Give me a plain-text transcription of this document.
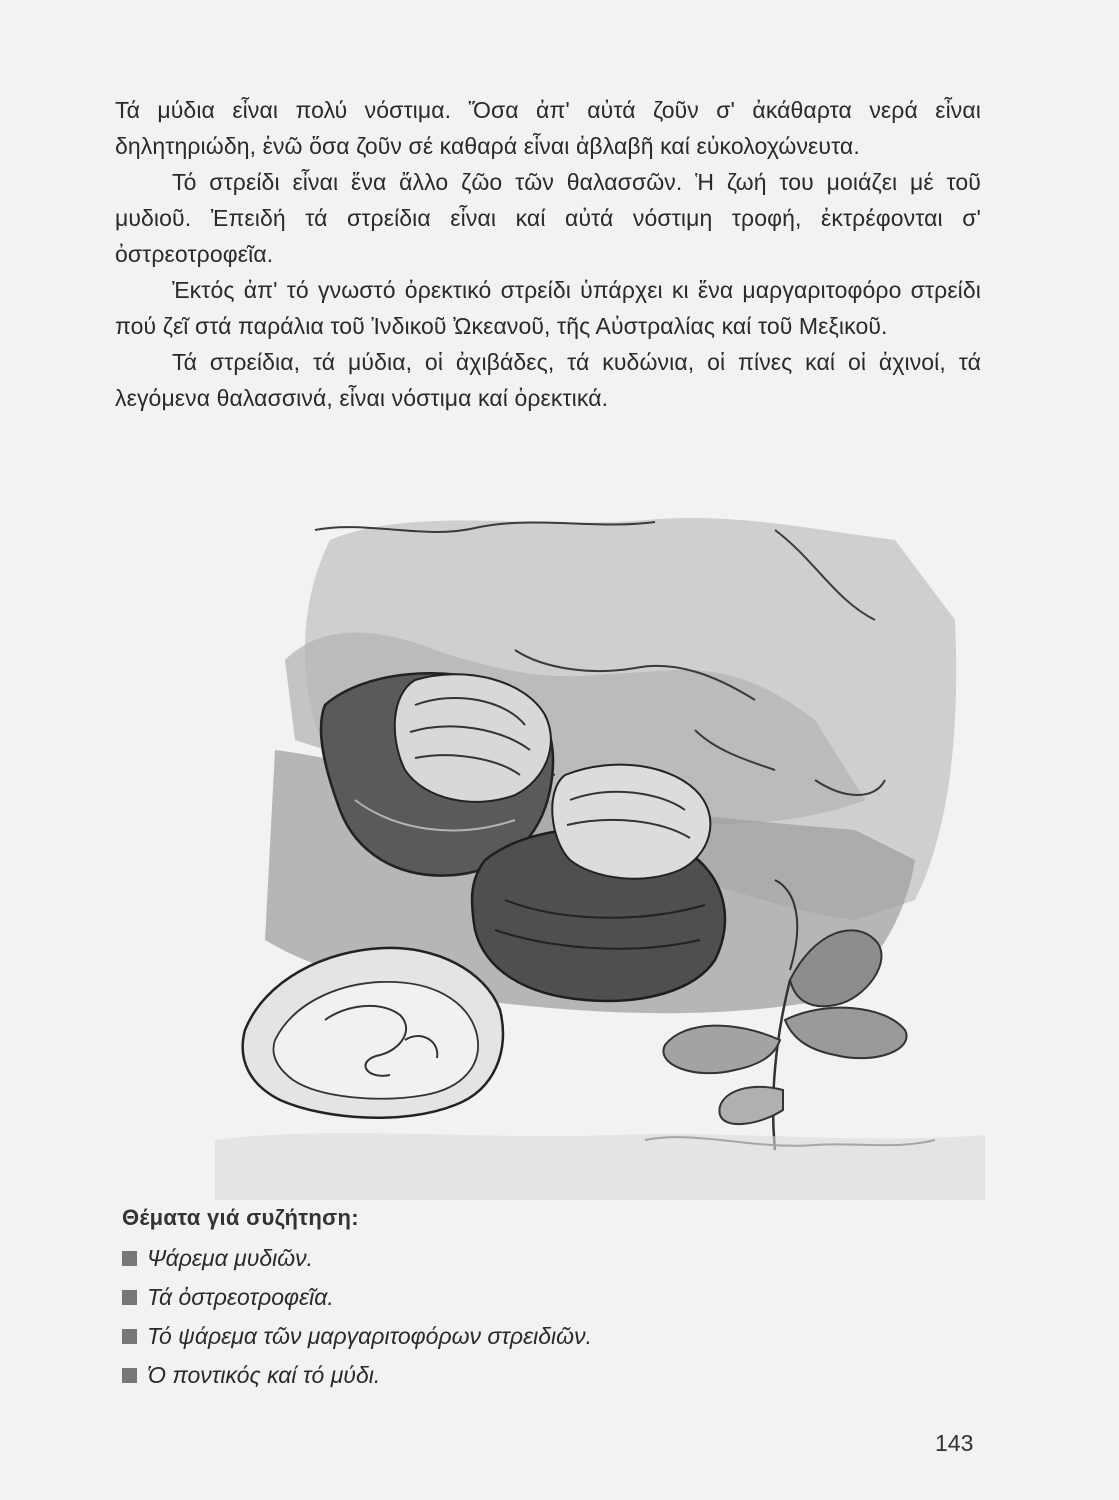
Τά μύδια εἶναι πολύ νόστιμα. Ὅσα ἀπ' αὐτά ζοῦν σ' ἀκάθαρτα νερά εἶναι δηλητηριώδη, ἐνῶ ὅσα ζοῦν σέ καθαρά εἶναι ἀβλαβῆ καί εὐκολοχώνευτα.

Τό στρείδι εἶναι ἕνα ἄλλο ζῶο τῶν θαλασσῶν. Ἡ ζωή του μοιάζει μέ τοῦ μυδιοῦ. Ἐπειδή τά στρείδια εἶναι καί αὐτά νόστιμη τροφή, ἐκτρέφονται σ' ὀστρεοτροφεῖα.

Ἐκτός ἀπ' τό γνωστό ὀρεκτικό στρείδι ὑπάρχει κι ἕνα μαργαριτοφόρο στρείδι πού ζεῖ στά παράλια τοῦ Ἰνδικοῦ Ὠκεανοῦ, τῆς Αὐστραλίας καί τοῦ Μεξικοῦ.

Τά στρείδια, τά μύδια, οἱ ἀχιβάδες, τά κυδώνια, οἱ πίνες καί οἱ ἀχινοί, τά λεγόμενα θαλασσινά, εἶναι νόστιμα καί ὀρεκτικά.

Θέματα γιά συζήτηση:
Ψάρεμα μυδιῶν.
Τά ὀστρεοτροφεῖα.
Τό ψάρεμα τῶν μαργαριτοφόρων στρειδιῶν.
Ὁ ποντικός καί τό μύδι.
143
